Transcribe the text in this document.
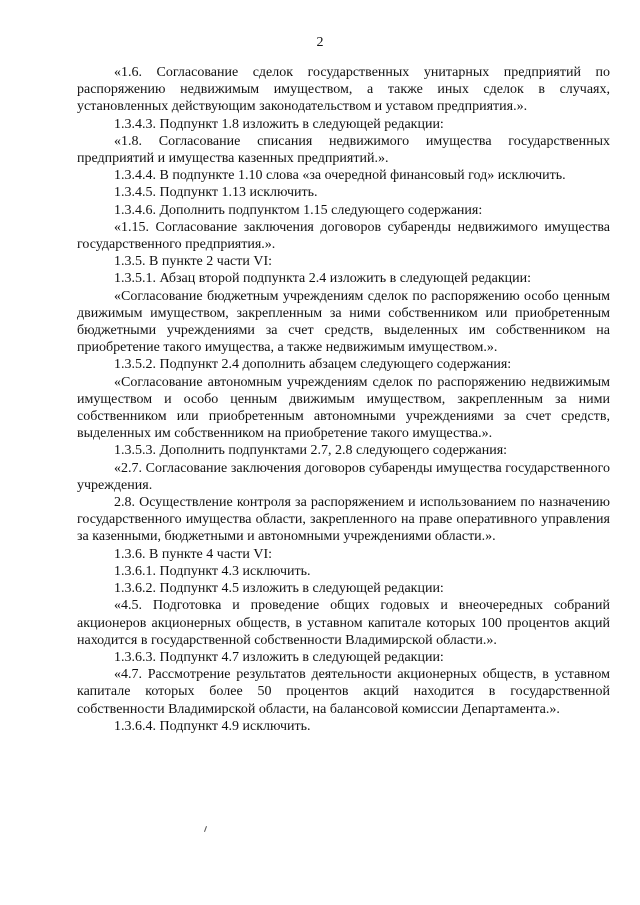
2

«1.6. Согласование сделок государственных унитарных предприятий по распоряжению недвижимым имуществом, а также иных сделок в случаях, установленных действующим законодательством и уставом предприятия.».

1.3.4.3. Подпункт 1.8 изложить в следующей редакции:

«1.8. Согласование списания недвижимого имущества государственных предприятий и имущества казенных предприятий.».

1.3.4.4. В подпункте 1.10 слова «за очередной финансовый год» исключить.

1.3.4.5. Подпункт 1.13 исключить.

1.3.4.6. Дополнить подпунктом 1.15 следующего содержания:

«1.15. Согласование заключения договоров субаренды недвижимого имущества государственного предприятия.».

1.3.5. В пункте 2 части VI:

1.3.5.1. Абзац второй подпункта 2.4 изложить в следующей редакции:

«Согласование бюджетным учреждениям сделок по распоряжению особо ценным движимым имуществом, закрепленным за ними собственником или приобретенным бюджетными учреждениями за счет средств, выделенных им собственником на приобретение такого имущества, а также недвижимым имуществом.».

1.3.5.2. Подпункт 2.4 дополнить абзацем следующего содержания:

«Согласование автономным учреждениям сделок по распоряжению недвижимым имуществом и особо ценным движимым имуществом, закрепленным за ними собственником или приобретенным автономными учреждениями за счет средств, выделенных им собственником на приобретение такого имущества.».

1.3.5.3. Дополнить подпунктами 2.7, 2.8 следующего содержания:

«2.7. Согласование заключения договоров субаренды имущества государственного учреждения.

2.8. Осуществление контроля за распоряжением и использованием по назначению государственного имущества области, закрепленного на праве оперативного управления за казенными, бюджетными и автономными учреждениями области.».

1.3.6. В пункте 4 части VI:

1.3.6.1. Подпункт 4.3 исключить.

1.3.6.2. Подпункт 4.5 изложить в следующей редакции:

«4.5. Подготовка и проведение общих годовых и внеочередных собраний акционеров акционерных обществ, в уставном капитале которых 100 процентов акций находится в государственной собственности Владимирской области.».

1.3.6.3. Подпункт 4.7 изложить в следующей редакции:

«4.7. Рассмотрение результатов деятельности акционерных обществ, в уставном капитале которых более 50 процентов акций находится в государственной собственности Владимирской области, на балансовой комиссии Департамента.».

1.3.6.4. Подпункт 4.9 исключить.
